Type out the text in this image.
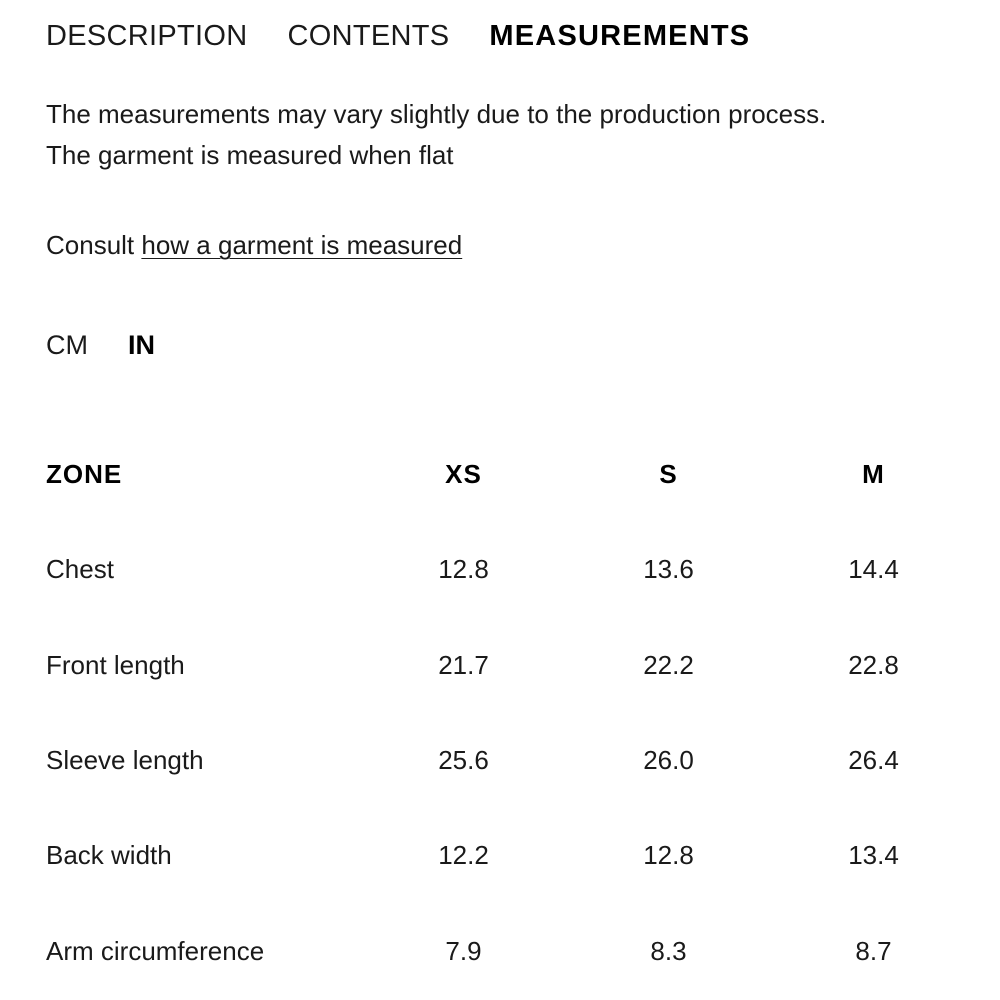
DESCRIPTION CONTENTS MEASUREMENTS

The measurements may vary slightly due to the production process.

The garment is measured when flat

Consult how a garment is measured
CM IN
ZONE	XS	S	M
Chest	12.8	13.6	14.4
Front length	21.7	22.2	22.8
Sleeve length	25.6	26.0	26.4
Back width	12.2	12.8	13.4
Arm circumference	7.9	8.3	8.7
